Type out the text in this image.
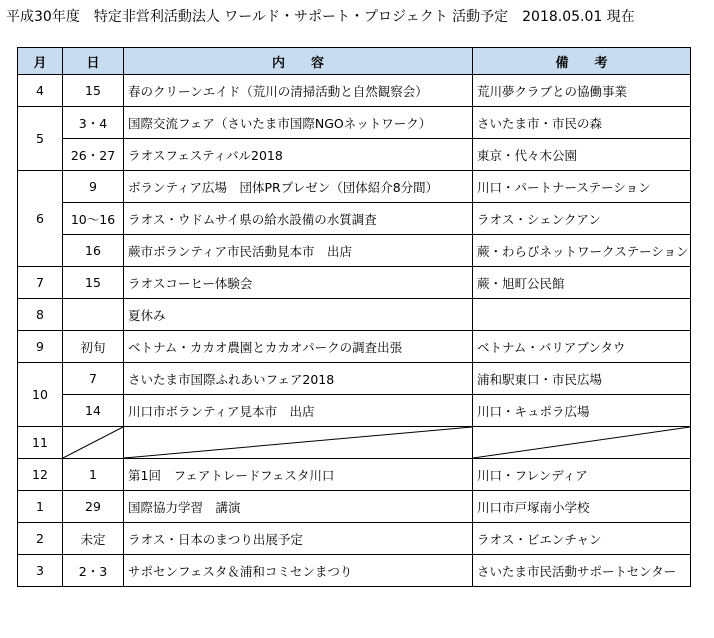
平成30年度　特定非営利活動法人 ワールド・サポート・プロジェクト 活動予定　2018.05.01 現在
月	日	内　　容	備　　考
4	15	春のクリーンエイド（荒川の清掃活動と自然観察会）	荒川夢クラブとの協働事業
5	3・4	国際交流フェア（さいたま市国際NGOネットワーク）	さいたま市・市民の森
	26・27	ラオスフェスティバル2018	東京・代々木公園
6	9	ボランティア広場　団体PRプレゼン（団体紹介8分間）	川口・パートナーステーション
	10〜16	ラオス・ウドムサイ県の給水設備の水質調査	ラオス・シェンクアン
	16	蕨市ボランティア市民活動見本市　出店	蕨・わらびネットワークステーション
7	15	ラオスコーヒー体験会	蕨・旭町公民館
8		夏休み	
9	初旬	ベトナム・カカオ農園とカカオパークの調査出張	ベトナム・バリアブンタウ
10	7	さいたま市国際ふれあいフェア2018	浦和駅東口・市民広場
	14	川口市ボランティア見本市　出店	川口・キュポラ広場
11	

12	1	第1回　フェアトレードフェスタ川口	川口・フレンディア
1	29	国際協力学習　講演	川口市戸塚南小学校
2	未定	ラオス・日本のまつり出展予定	ラオス・ビエンチャン
3	2・3	サポセンフェスタ＆浦和コミセンまつり	さいたま市民活動サポートセンター
